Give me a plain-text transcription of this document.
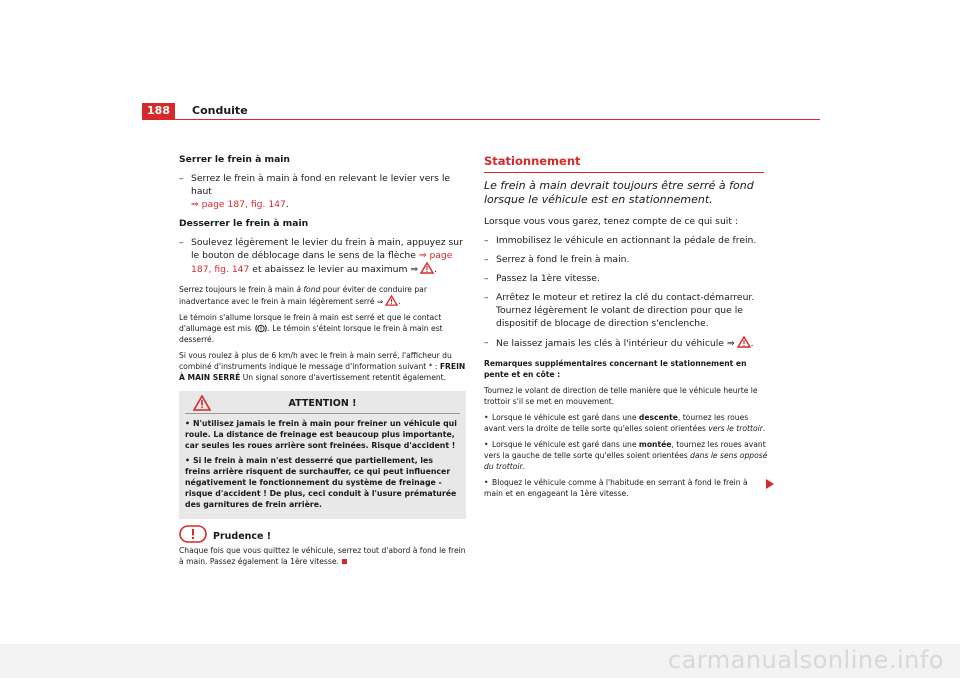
188	Conduite

Serrer le frein à main

– Serrez le frein à main à fond en relevant le levier vers le haut
⇒ page 187, fig. 147.

Desserrer le frein à main

– Soulevez légèrement le levier du frein à main, appuyez sur le bouton de déblocage dans le sens de la flèche ⇒ page 187, fig. 147 et abaissez le levier au maximum ⇒ .

Serrez toujours le frein à main à fond pour éviter de conduire par inadvertance avec le frein à main légèrement serré ⇒ .

Le témoin s'allume lorsque le frein à main est serré et que le contact d'allumage est mis . Le témoin s'éteint lorsque le frein à main est desserré.

Si vous roulez à plus de 6 km/h avec le frein à main serré, l'afficheur du combiné d'instruments indique le message d'information suivant * : FREIN À MAIN SERRÉ Un signal sonore d'avertissement retentit également.

ATTENTION !

• N'utilisez jamais le frein à main pour freiner un véhicule qui roule. La distance de freinage est beaucoup plus importante, car seules les roues arrière sont freinées. Risque d'accident !

• Si le frein à main n'est desserré que partiellement, les freins arrière risquent de surchauffer, ce qui peut influencer négativement le fonctionnement du système de freinage - risque d'accident ! De plus, ceci conduit à l'usure prématurée des garnitures de frein arrière.

Prudence !

Chaque fois que vous quittez le véhicule, serrez tout d'abord à fond le frein à main. Passez également la 1ère vitesse.

Stationnement

Le frein à main devrait toujours être serré à fond lorsque le véhicule est en stationnement.

Lorsque vous vous garez, tenez compte de ce qui suit :

– Immobilisez le véhicule en actionnant la pédale de frein.
– Serrez à fond le frein à main.
– Passez la 1ère vitesse.
– Arrêtez le moteur et retirez la clé du contact-démarreur. Tournez légèrement le volant de direction pour que le dispositif de blocage de direction s'enclenche.
– Ne laissez jamais les clés à l'intérieur du véhicule ⇒ .

Remarques supplémentaires concernant le stationnement en pente et en côte :

Tournez le volant de direction de telle manière que le véhicule heurte le trottoir s'il se met en mouvement.

• Lorsque le véhicule est garé dans une descente, tournez les roues avant vers la droite de telle sorte qu'elles soient orientées vers le trottoir.

• Lorsque le véhicule est garé dans une montée, tournez les roues avant vers la gauche de telle sorte qu'elles soient orientées dans le sens opposé du trottoir.

• Bloquez le véhicule comme à l'habitude en serrant à fond le frein à main et en engageant la 1ère vitesse.

carmanualsonline.info
